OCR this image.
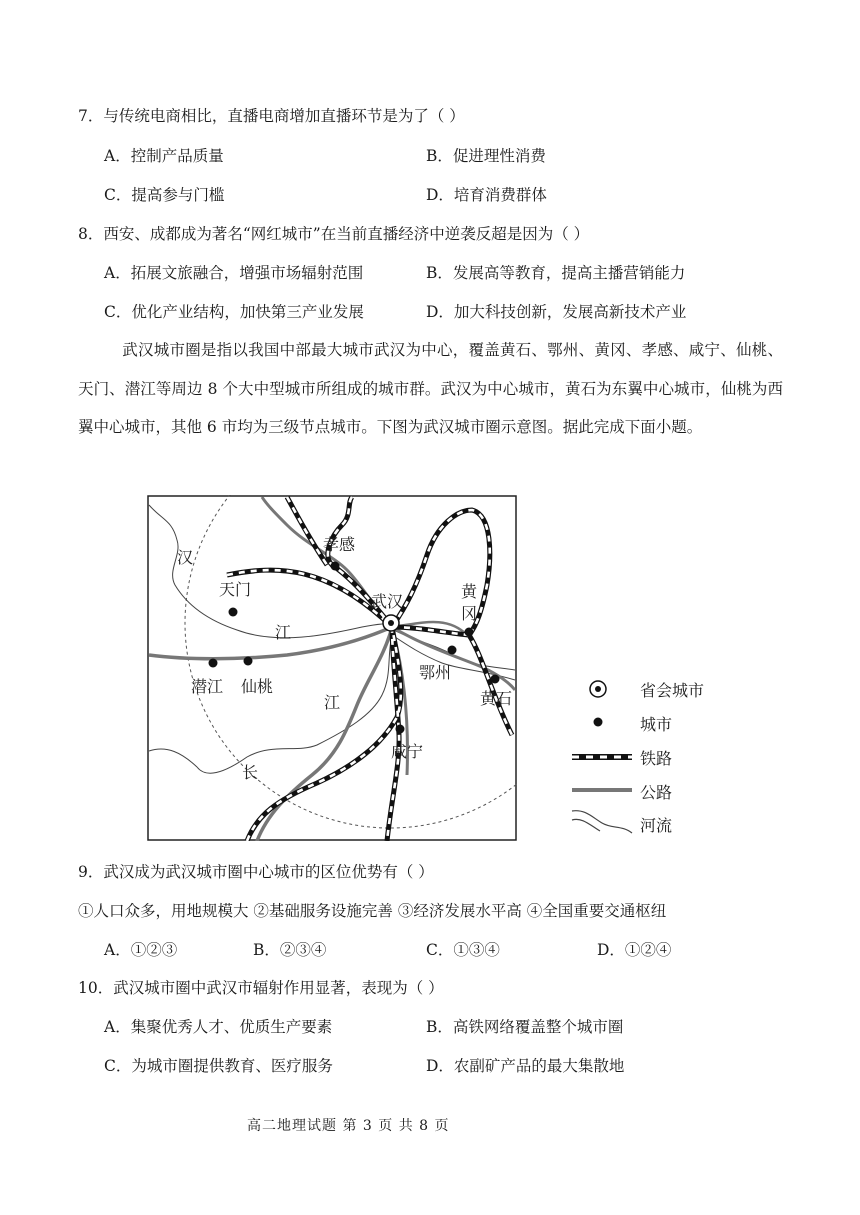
7．与传统电商相比，直播电商增加直播环节是为了（ ）
A．控制产品质量	B．促进理性消费
C．提高参与门槛	D．培育消费群体
8．西安、成都成为著名“网红城市”在当前直播经济中逆袭反超是因为（ ）
A．拓展文旅融合，增强市场辐射范围	B．发展高等教育，提高主播营销能力
C．优化产业结构，加快第三产业发展	D．加大科技创新，发展高新技术产业
武汉城市圈是指以我国中部最大城市武汉为中心，覆盖黄石、鄂州、黄冈、孝感、咸宁、仙桃、天门、潜江等周边 8 个大中型城市所组成的城市群。武汉为中心城市，黄石为东翼中心城市，仙桃为西翼中心城市，其他 6 市均为三级节点城市。下图为武汉城市圈示意图。据此完成下面小题。
孝感
天门
武汉
黄
冈
鄂州
黄石
潜江 仙桃
咸宁
汉
江
江
长
省会城市
城市
铁路
公路
河流
9．武汉成为武汉城市圈中心城市的区位优势有（ ）
①人口众多，用地规模大 ②基础服务设施完善 ③经济发展水平高 ④全国重要交通枢纽
A．①②③	B．②③④	C．①③④	D．①②④
10．武汉城市圈中武汉市辐射作用显著，表现为（ ）
A．集聚优秀人才、优质生产要素	B．高铁网络覆盖整个城市圈
C．为城市圈提供教育、医疗服务	D．农副矿产品的最大集散地
高二地理试题 第 3 页 共 8 页
